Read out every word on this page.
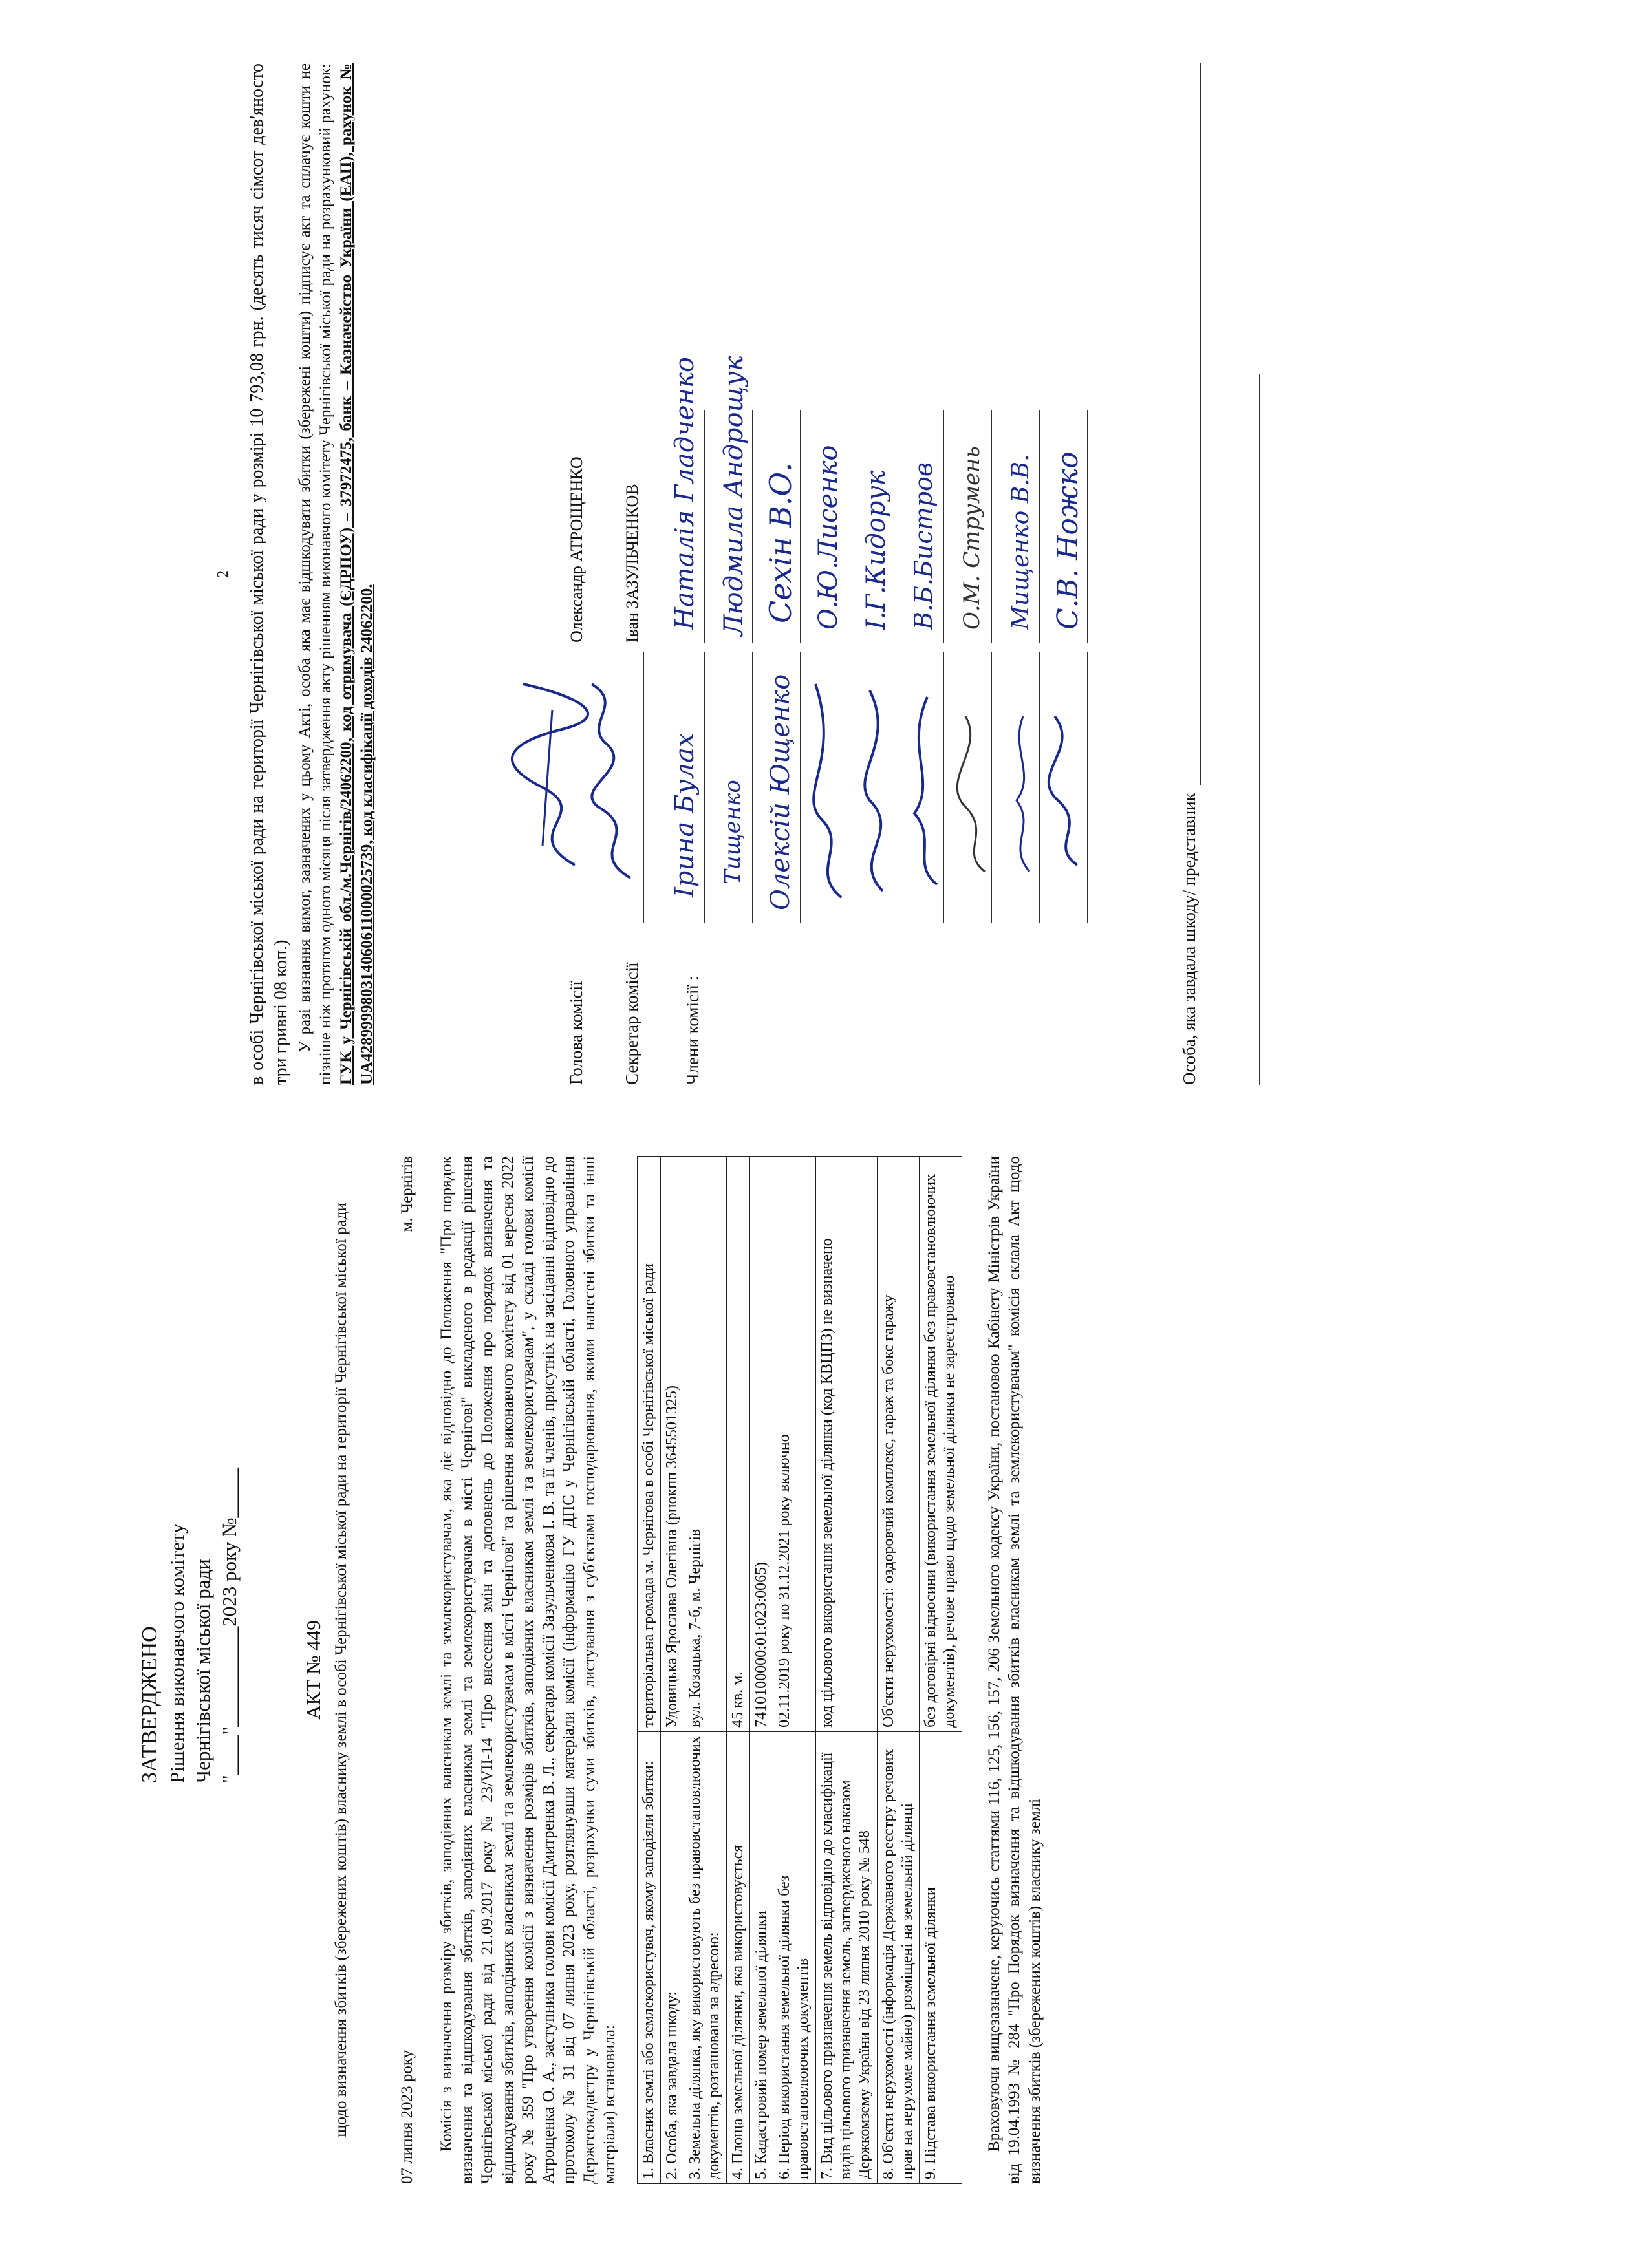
ЗАТВЕРДЖЕНО Рішення виконавчого комітету Чернігівської міської ради "____"__________2023 року №_____	АКТ № 449 щодо визначення збитків (збережених коштів) власнику землі в особі Чернігівської міської ради на території Чернігівської міської ради	07 липня 2023 року
м. Чернігів Комісія з визначення розміру збитків, заподіяних власникам землі та землекористувачам, яка діє відповідно до Положення "Про порядок визначення та відшкодування збитків, заподіяних власникам землі та землекористувачам в місті Чернігові" викладеного в редакції рішення Чернігівської міської ради від 21.09.2017 року № 23/VII-14 "Про внесення змін та доповнень до Положення про порядок визначення та відшкодування збитків, заподіяних власникам землі та землекористувачам в місті Чернігові" та рішення виконавчого комітету від 01 вересня 2022 року № 359 "Про утворення комісії з визначення розмірів збитків, заподіяних власникам землі та землекористувачам", у складі голови комісії Атрощенка О. А., заступника голови комісії Дмитренка В. Л., секретаря комісії Зазульченкова І. В. та її членів, присутніх на засіданні відповідно до протоколу № 31 від 07 липня 2023 року, розглянувши матеріали комісії (інформацію ГУ ДПС у Чернігівській області, Головного управління Держгеокадастру у Чернігівській області, розрахунки суми збитків, листування з суб'єктами господарювання, якими нанесені збитки та інші матеріали) встановила: 1. Власник землі або землекористувач, якому заподіяли збитки:	територіальна громада м. Чернігова в особі Чернігівської міської ради
2. Особа, яка завдала шкоду:	Удовицька Ярослава Олегівна (рнокпп 3645501325)
3. Земельна ділянка, яку використовують без правовстановлюючих документів, розташована за адресою:	вул. Козацька, 7-б, м. Чернігів
4. Площа земельної ділянки, яка використовується	45 кв. м.
5. Кадастровий номер земельної ділянки	7410100000:01:023:0065)
6. Період використання земельної ділянки без правовстановлюючих документів	02.11.2019 року по 31.12.2021 року включно
7. Вид цільового призначення земель відповідно до класифікації видів цільового призначення земель, затвердженого наказом Держкомзему України від 23 липня 2010 року № 548	код цільового використання земельної ділянки (код КВЦПЗ) не визначено
8. Об'єкти нерухомості (інформація Державного реєстру речових прав на нерухоме майно) розміщені на земельній ділянці	Об'єкти нерухомості: оздоровчий комплекс, гараж та бокс гаражу
9. Підстава використання земельної ділянки	без договірні відносини (використання земельної ділянки без правовстановлюючих документів), речове право щодо земельної ділянки не зареєстровано Враховуючи вищезазначене, керуючись статтями 116, 125, 156, 157, 206 Земельного кодексу України, постановою Кабінету Міністрів України від 19.04.1993 № 284 "Про Порядок визначення та відшкодування збитків власникам землі та землекористувачам" комісія склала Акт щодо визначення збитків (збережених коштів) власнику землі

2 в особі Чернігівської міської ради на території Чернігівської міської ради у розмірі 10 793,08 грн. (десять тисяч сімсот дев'яносто три гривні 08 коп.) У разі визнання вимог, зазначених у цьому Акті, особа яка має відшкодувати збитки (збережені кошти) підписує акт та сплачує кошти не пізніше ніж протягом одного місяця після затвердження акту рішенням виконавчого комітету Чернігівської міської ради на розрахунковий рахунок: ГУК у Чернігівській обл./м.Чернігів/24062200, код отримувача (ЄДРПОУ) – 37972475, банк – Казначейство України (ЕАП), рахунок № UA428999980314060611000025739, код класифікації доходів 24062200.	Голова комісії
Олександр АТРОЩЕНКО
Секретар комісії
Іван ЗАЗУЛЬЧЕНКОВ
Члени комісії :
Ірина Булах
Наталія Гладченко
Тищенко
Людмила Андрощук
Олексій Ющенко
Сехін В.О. О.Ю.Лисенко І.Г.Кидорук В.Б.Бистров О.М. Струмень Мищенко В.В. С.В. Ножко
Особа, яка завдала шкоду/ представник
